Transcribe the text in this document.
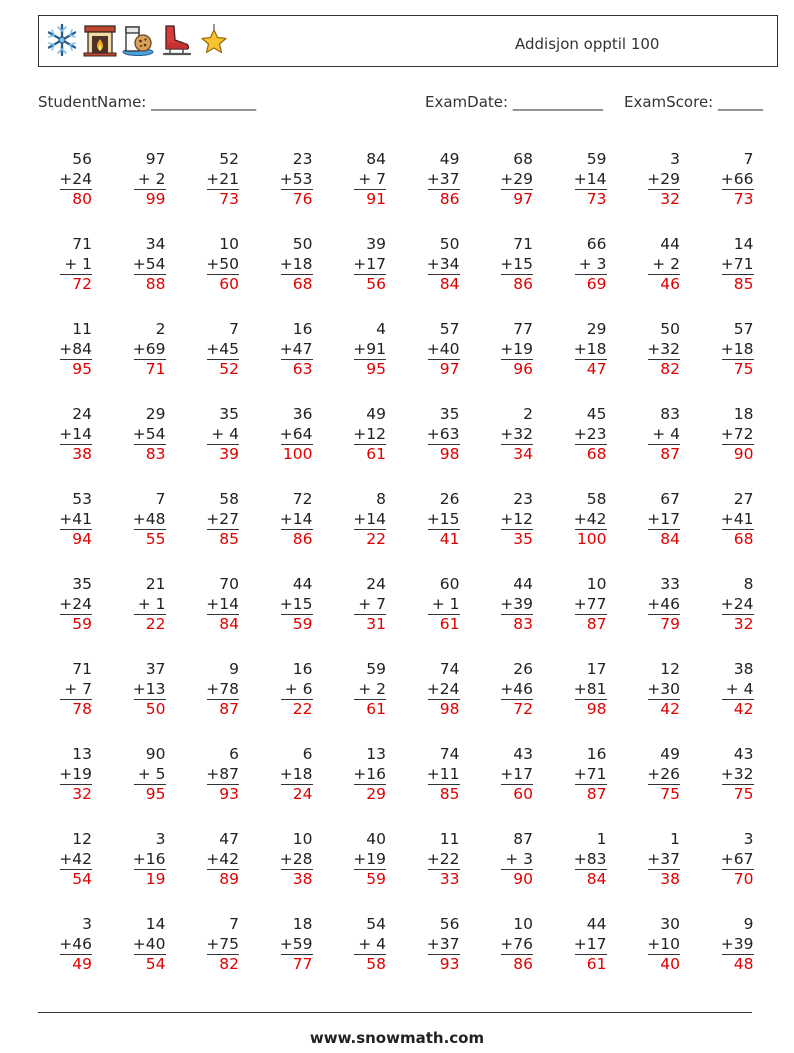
Addisjon opptil 100
StudentName: ______________	ExamDate: ____________ ExamScore: ______
56
+24
80
97
+ 2
99
52
+21
73
23
+53
76
84
+ 7
91
49
+37
86
68
+29
97
59
+14
73
3
+29
32
7
+66
73
71
+ 1
72
34
+54
88
10
+50
60
50
+18
68
39
+17
56
50
+34
84
71
+15
86
66
+ 3
69
44
+ 2
46
14
+71
85
11
+84
95
2
+69
71
7
+45
52
16
+47
63
4
+91
95
57
+40
97
77
+19
96
29
+18
47
50
+32
82
57
+18
75
24
+14
38
29
+54
83
35
+ 4
39
36
+64
100
49
+12
61
35
+63
98
2
+32
34
45
+23
68
83
+ 4
87
18
+72
90
53
+41
94
7
+48
55
58
+27
85
72
+14
86
8
+14
22
26
+15
41
23
+12
35
58
+42
100
67
+17
84
27
+41
68
35
+24
59
21
+ 1
22
70
+14
84
44
+15
59
24
+ 7
31
60
+ 1
61
44
+39
83
10
+77
87
33
+46
79
8
+24
32
71
+ 7
78
37
+13
50
9
+78
87
16
+ 6
22
59
+ 2
61
74
+24
98
26
+46
72
17
+81
98
12
+30
42
38
+ 4
42
13
+19
32
90
+ 5
95
6
+87
93
6
+18
24
13
+16
29
74
+11
85
43
+17
60
16
+71
87
49
+26
75
43
+32
75
12
+42
54
3
+16
19
47
+42
89
10
+28
38
40
+19
59
11
+22
33
87
+ 3
90
1
+83
84
1
+37
38
3
+67
70
3
+46
49
14
+40
54
7
+75
82
18
+59
77
54
+ 4
58
56
+37
93
10
+76
86
44
+17
61
30
+10
40
9
+39
48
www.snowmath.com
